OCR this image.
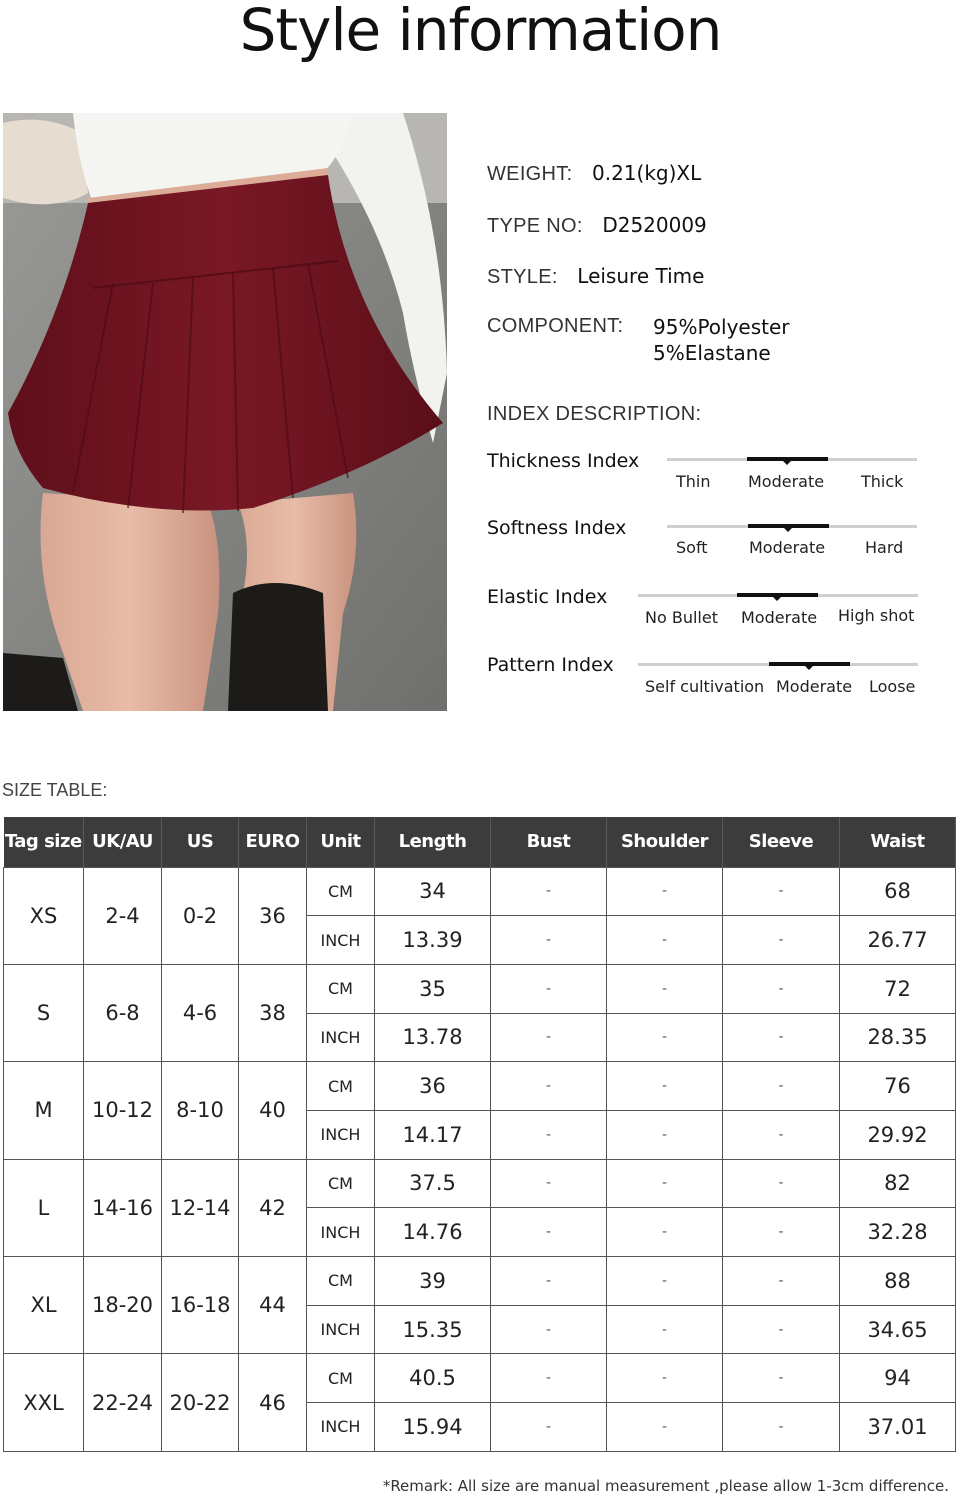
Style information
WEIGHT: 0.21(kg)XL
TYPE NO: D2520009
STYLE: Leisure Time
COMPONENT: 95%Polyester
5%Elastane
INDEX DESCRIPTION:
Thickness Index
Thin Moderate Thick
Softness Index
Soft	Moderate Hard
Elastic Index
No Bullet Moderate High shot
Pattern Index
Self cultivation Moderate Loose
SIZE TABLE:
Tag size	UK/AU	US	EURO	Unit	Length	Bust	Shoulder	Sleeve	Waist
XS	2-4	0-2	36	CM	34	-	-	-	68
				INCH	13.39	-	-	-	26.77
S	6-8	4-6	38	CM	35	-	-	-	72
				INCH	13.78	-	-	-	28.35
M	10-12	8-10	40	CM	36	-	-	-	76
				INCH	14.17	-	-	-	29.92
L	14-16	12-14	42	CM	37.5	-	-	-	82
				INCH	14.76	-	-	-	32.28
XL	18-20	16-18	44	CM	39	-	-	-	88
				INCH	15.35	-	-	-	34.65
XXL	22-24	20-22	46	CM	40.5	-	-	-	94
				INCH	15.94	-	-	-	37.01
*Remark: All size are manual measurement ,please allow 1-3cm difference.
